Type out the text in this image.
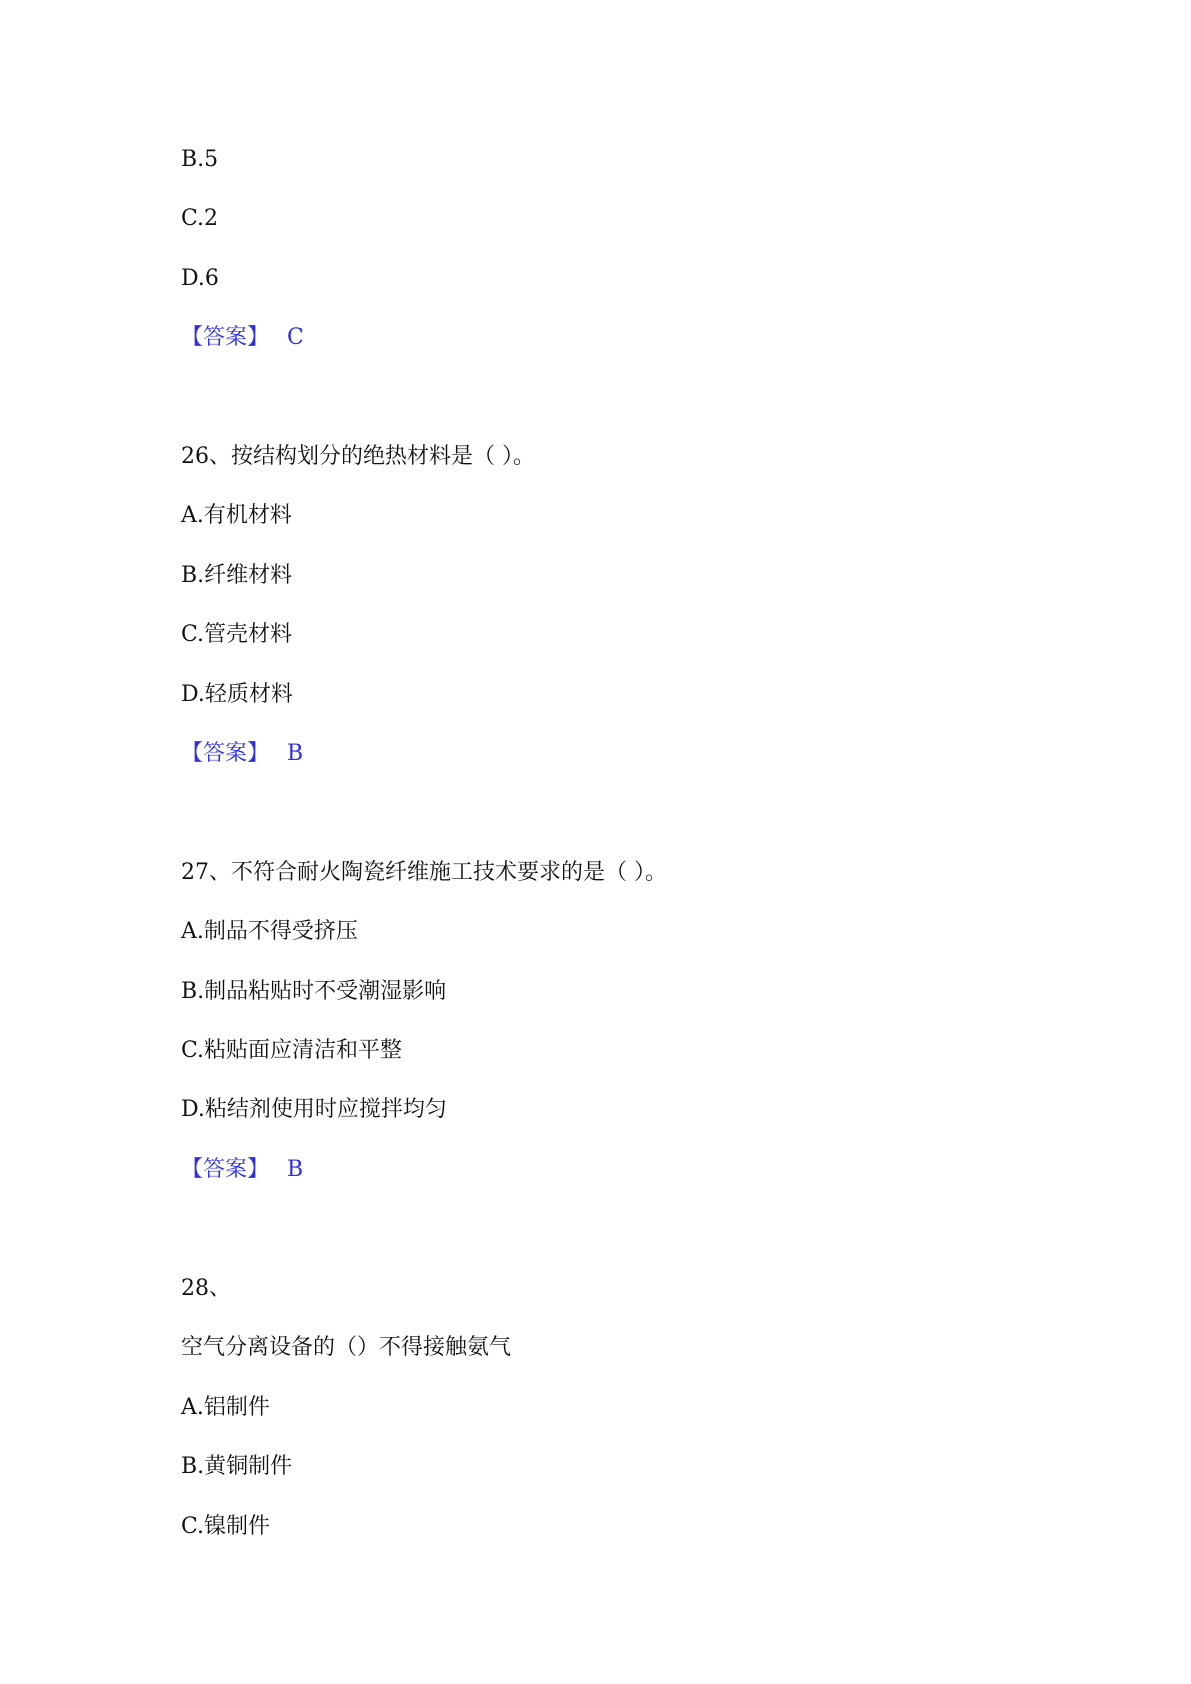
B.5
C.2
D.6
【答案】 C
26、按结构划分的绝热材料是（ ）。
A.有机材料
B.纤维材料
C.管壳材料
D.轻质材料
【答案】 B
27、不符合耐火陶瓷纤维施工技术要求的是（ ）。
A.制品不得受挤压
B.制品粘贴时不受潮湿影响
C.粘贴面应清洁和平整
D.粘结剂使用时应搅拌均匀
【答案】 B
28、
空气分离设备的（）不得接触氨气
A.铝制件
B.黄铜制件
C.镍制件
